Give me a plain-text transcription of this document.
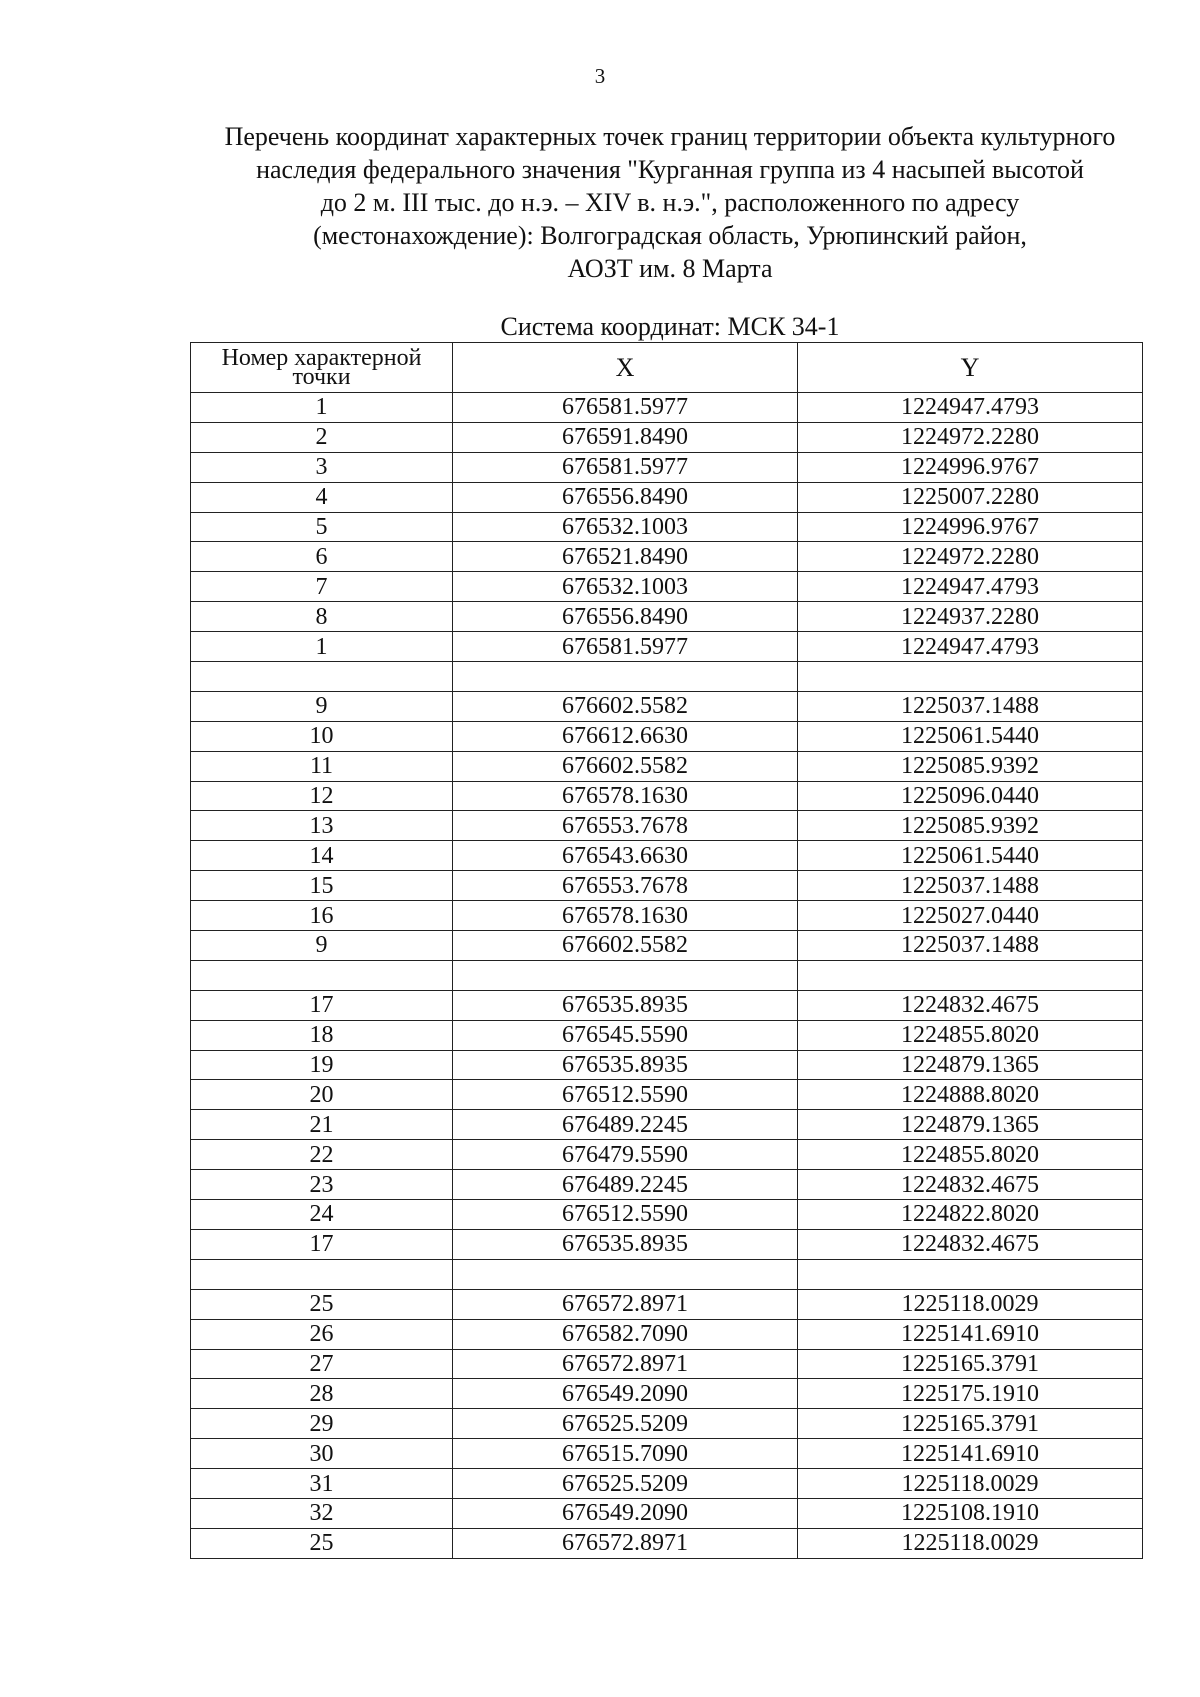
3
Перечень координат характерных точек границ территории объекта культурного
наследия федерального значения "Курганная группа из 4 насыпей высотой
до 2 м. III тыс. до н.э. – XIV в. н.э.", расположенного по адресу
(местонахождение): Волгоградская область, Урюпинский район,
АОЗТ им. 8 Марта
Система координат: МСК 34-1
Номер характерной точки	X	Y
1	676581.5977	1224947.4793
2	676591.8490	1224972.2280
3	676581.5977	1224996.9767
4	676556.8490	1225007.2280
5	676532.1003	1224996.9767
6	676521.8490	1224972.2280
7	676532.1003	1224947.4793
8	676556.8490	1224937.2280
1	676581.5977	1224947.4793

9	676602.5582	1225037.1488
10	676612.6630	1225061.5440
11	676602.5582	1225085.9392
12	676578.1630	1225096.0440
13	676553.7678	1225085.9392
14	676543.6630	1225061.5440
15	676553.7678	1225037.1488
16	676578.1630	1225027.0440
9	676602.5582	1225037.1488

17	676535.8935	1224832.4675
18	676545.5590	1224855.8020
19	676535.8935	1224879.1365
20	676512.5590	1224888.8020
21	676489.2245	1224879.1365
22	676479.5590	1224855.8020
23	676489.2245	1224832.4675
24	676512.5590	1224822.8020
17	676535.8935	1224832.4675

25	676572.8971	1225118.0029
26	676582.7090	1225141.6910
27	676572.8971	1225165.3791
28	676549.2090	1225175.1910
29	676525.5209	1225165.3791
30	676515.7090	1225141.6910
31	676525.5209	1225118.0029
32	676549.2090	1225108.1910
25	676572.8971	1225118.0029
